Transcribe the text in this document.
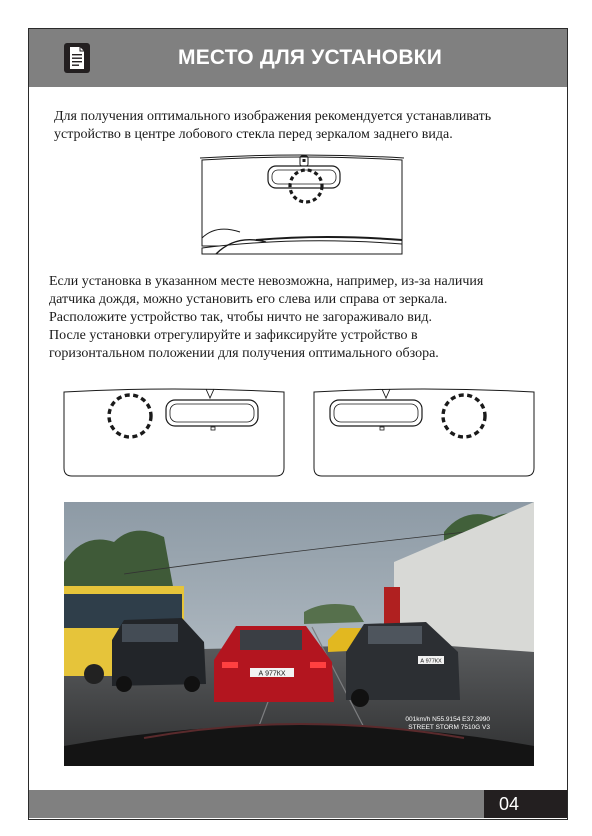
МЕСТО ДЛЯ УСТАНОВКИ
Для получения оптимального изображения рекомендуется устанавливать
устройство в центре лобового стекла перед зеркалом заднего вида.
Если установка в указанном месте невозможна, например, из-за наличия
датчика дождя, можно установить его слева или справа от зеркала.
Расположите устройство так, чтобы ничто не загораживало вид.
После установки отрегулируйте и зафиксируйте устройство в
горизонтальном положении для получения оптимального обзора.
А 977КХ
А 977КХ
001km/h N55.9154 E37.3990
STREET STORM 7510G V3
04
